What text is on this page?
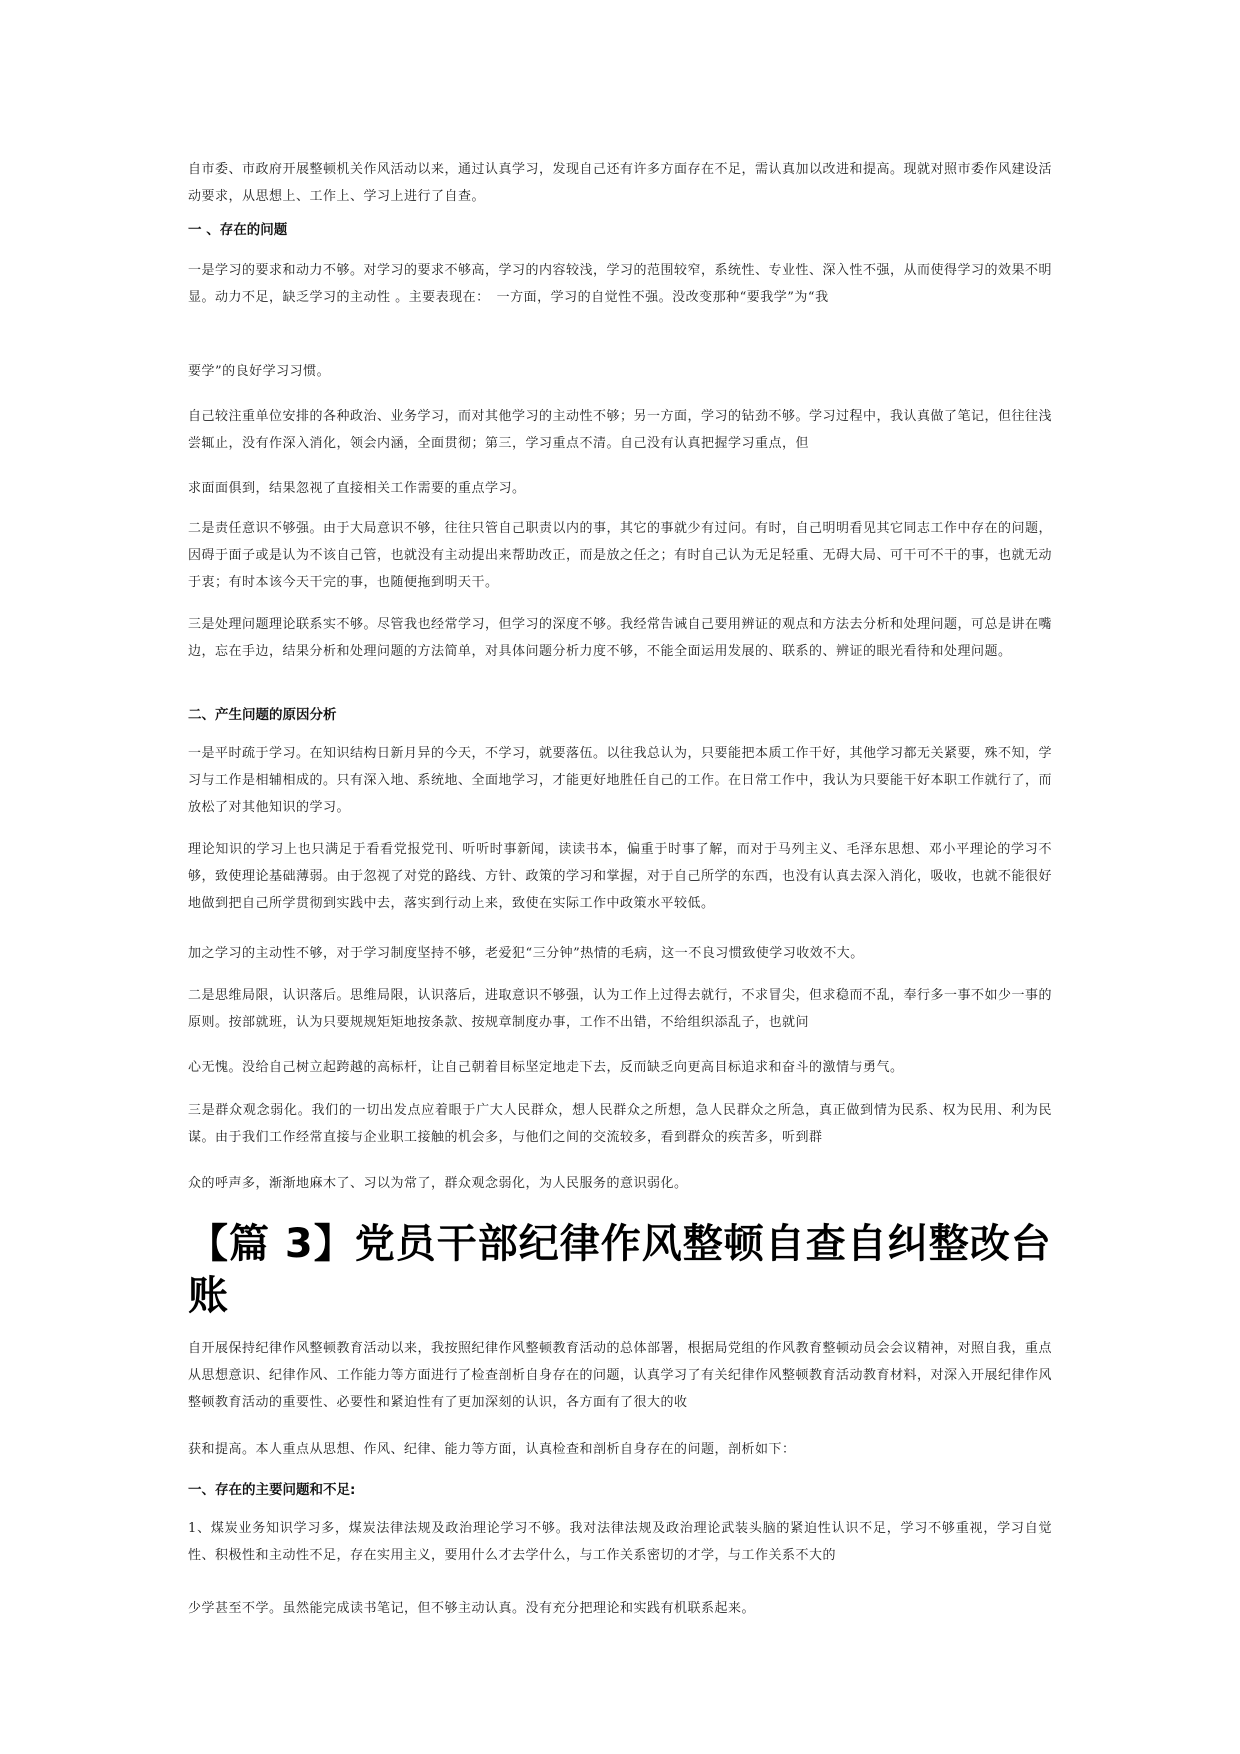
自市委、市政府开展整顿机关作风活动以来，通过认真学习，发现自己还有许多方面存在不足，需认真加以改进和提高。现就对照市委作风建设活动要求，从思想上、工作上、学习上进行了自查。

一 、存在的问题

一是学习的要求和动力不够。对学习的要求不够高，学习的内容较浅，学习的范围较窄，系统性、专业性、深入性不强，从而使得学习的效果不明显。动力不足，缺乏学习的主动性 。主要表现在：　一方面，学习的自觉性不强。没改变那种“要我学”为“我

要学”的良好学习习惯。

自己较注重单位安排的各种政治、业务学习，而对其他学习的主动性不够；另一方面，学习的钻劲不够。学习过程中，我认真做了笔记，但往往浅尝辄止，没有作深入消化，领会内涵，全面贯彻；第三，学习重点不清。自己没有认真把握学习重点，但

求面面俱到，结果忽视了直接相关工作需要的重点学习。

二是责任意识不够强。由于大局意识不够，往往只管自己职责以内的事，其它的事就少有过问。有时，自己明明看见其它同志工作中存在的问题，因碍于面子或是认为不该自己管，也就没有主动提出来帮助改正，而是放之任之；有时自己认为无足轻重、无碍大局、可干可不干的事，也就无动于衷；有时本该今天干完的事，也随便拖到明天干。

三是处理问题理论联系实不够。尽管我也经常学习，但学习的深度不够。我经常告诫自己要用辨证的观点和方法去分析和处理问题，可总是讲在嘴边，忘在手边，结果分析和处理问题的方法简单，对具体问题分析力度不够，不能全面运用发展的、联系的、辨证的眼光看待和处理问题。

二、产生问题的原因分析

一是平时疏于学习。在知识结构日新月异的今天，不学习，就要落伍。以往我总认为，只要能把本质工作干好，其他学习都无关紧要，殊不知，学习与工作是相辅相成的。只有深入地、系统地、全面地学习，才能更好地胜任自己的工作。在日常工作中，我认为只要能干好本职工作就行了，而放松了对其他知识的学习。

理论知识的学习上也只满足于看看党报党刊、听听时事新闻，读读书本，偏重于时事了解，而对于马列主义、毛泽东思想、邓小平理论的学习不够，致使理论基础薄弱。由于忽视了对党的路线、方针、政策的学习和掌握，对于自己所学的东西，也没有认真去深入消化，吸收，也就不能很好地做到把自己所学贯彻到实践中去，落实到行动上来，致使在实际工作中政策水平较低。

加之学习的主动性不够，对于学习制度坚持不够，老爱犯“三分钟”热情的毛病，这一不良习惯致使学习收效不大。

二是思维局限，认识落后。思维局限，认识落后，进取意识不够强，认为工作上过得去就行，不求冒尖，但求稳而不乱，奉行多一事不如少一事的原则。按部就班，认为只要规规矩矩地按条款、按规章制度办事，工作不出错，不给组织添乱子，也就问

心无愧。没给自己树立起跨越的高标杆，让自己朝着目标坚定地走下去，反而缺乏向更高目标追求和奋斗的激情与勇气。

三是群众观念弱化。我们的一切出发点应着眼于广大人民群众，想人民群众之所想，急人民群众之所急，真正做到情为民系、权为民用、利为民谋。由于我们工作经常直接与企业职工接触的机会多，与他们之间的交流较多，看到群众的疾苦多，听到群

众的呼声多，渐渐地麻木了、习以为常了，群众观念弱化，为人民服务的意识弱化。

【篇 3】党员干部纪律作风整顿自查自纠整改台账

自开展保持纪律作风整顿教育活动以来，我按照纪律作风整顿教育活动的总体部署，根据局党组的作风教育整顿动员会会议精神，对照自我，重点从思想意识、纪律作风、工作能力等方面进行了检查剖析自身存在的问题，认真学习了有关纪律作风整顿教育活动教育材料，对深入开展纪律作风整顿教育活动的重要性、必要性和紧迫性有了更加深刻的认识，各方面有了很大的收

获和提高。本人重点从思想、作风、纪律、能力等方面，认真检查和剖析自身存在的问题，剖析如下：

一、存在的主要问题和不足:

1、煤炭业务知识学习多，煤炭法律法规及政治理论学习不够。我对法律法规及政治理论武装头脑的紧迫性认识不足，学习不够重视，学习自觉性、积极性和主动性不足，存在实用主义，要用什么才去学什么，与工作关系密切的才学，与工作关系不大的

少学甚至不学。虽然能完成读书笔记，但不够主动认真。没有充分把理论和实践有机联系起来。
